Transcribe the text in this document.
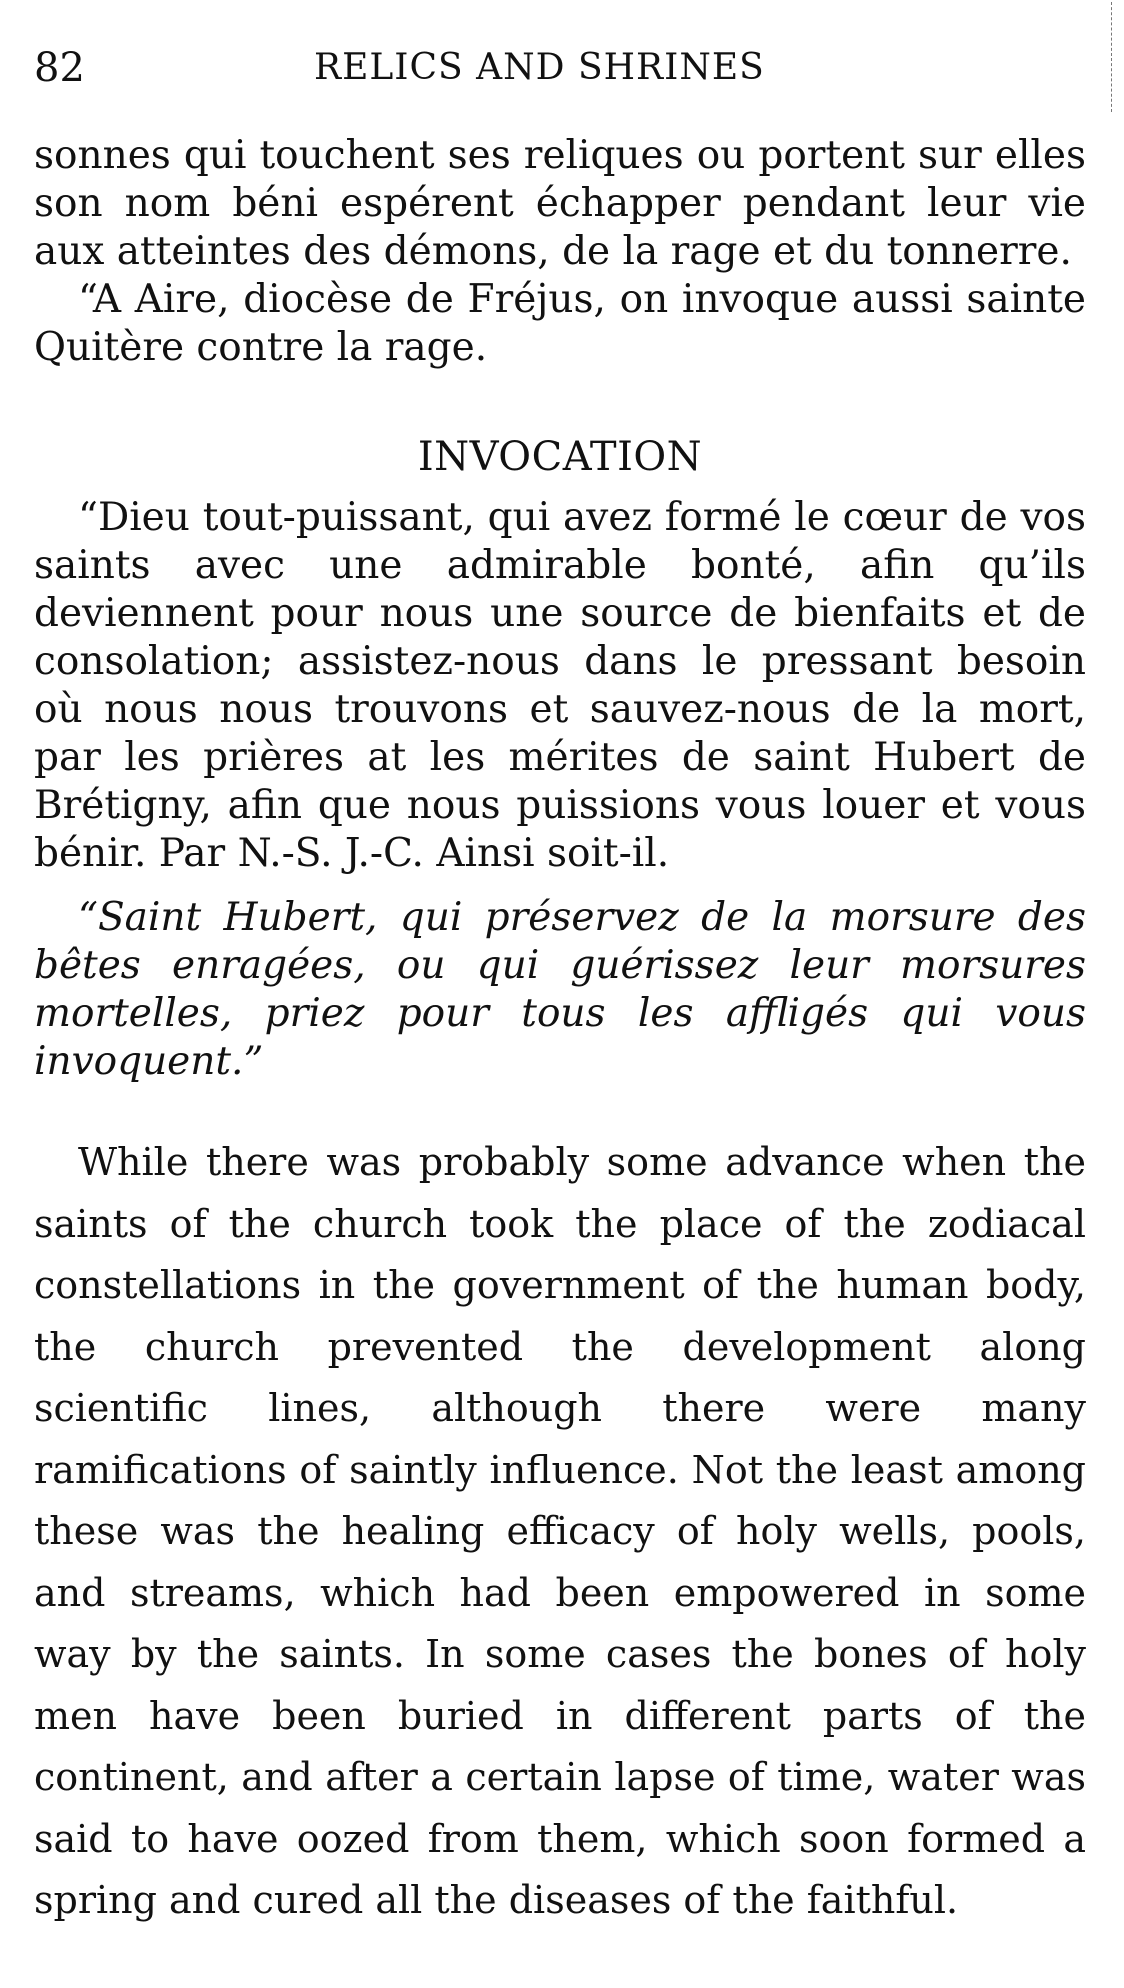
82	RELICS AND SHRINES

sonnes qui touchent ses reliques ou portent sur elles son nom béni espérent échapper pendant leur vie aux atteintes des démons, de la rage et du tonnerre.

“A Aire, diocèse de Fréjus, on invoque aussi sainte Quitère contre la rage.

INVOCATION

“Dieu tout-puissant, qui avez formé le cœur de vos saints avec une admirable bonté, afin qu’ils deviennent pour nous une source de bienfaits et de consolation; assistez-nous dans le pressant besoin où nous nous trouvons et sauvez-nous de la mort, par les prières at les mérites de saint Hubert de Brétigny, afin que nous puissions vous louer et vous bénir. Par N.-S. J.-C. Ainsi soit-il.

“Saint Hubert, qui préservez de la morsure des bêtes enragées, ou qui guérissez leur morsures mortelles, priez pour tous les affligés qui vous invoquent.”

While there was probably some advance when the saints of the church took the place of the zodiacal constellations in the government of the human body, the church prevented the development along scientific lines, although there were many ramifications of saintly influence. Not the least among these was the healing efficacy of holy wells, pools, and streams, which had been empowered in some way by the saints. In some cases the bones of holy men have been buried in different parts of the continent, and after a certain lapse of time, water was said to have oozed from them, which soon formed a spring and cured all the diseases of the faithful.
